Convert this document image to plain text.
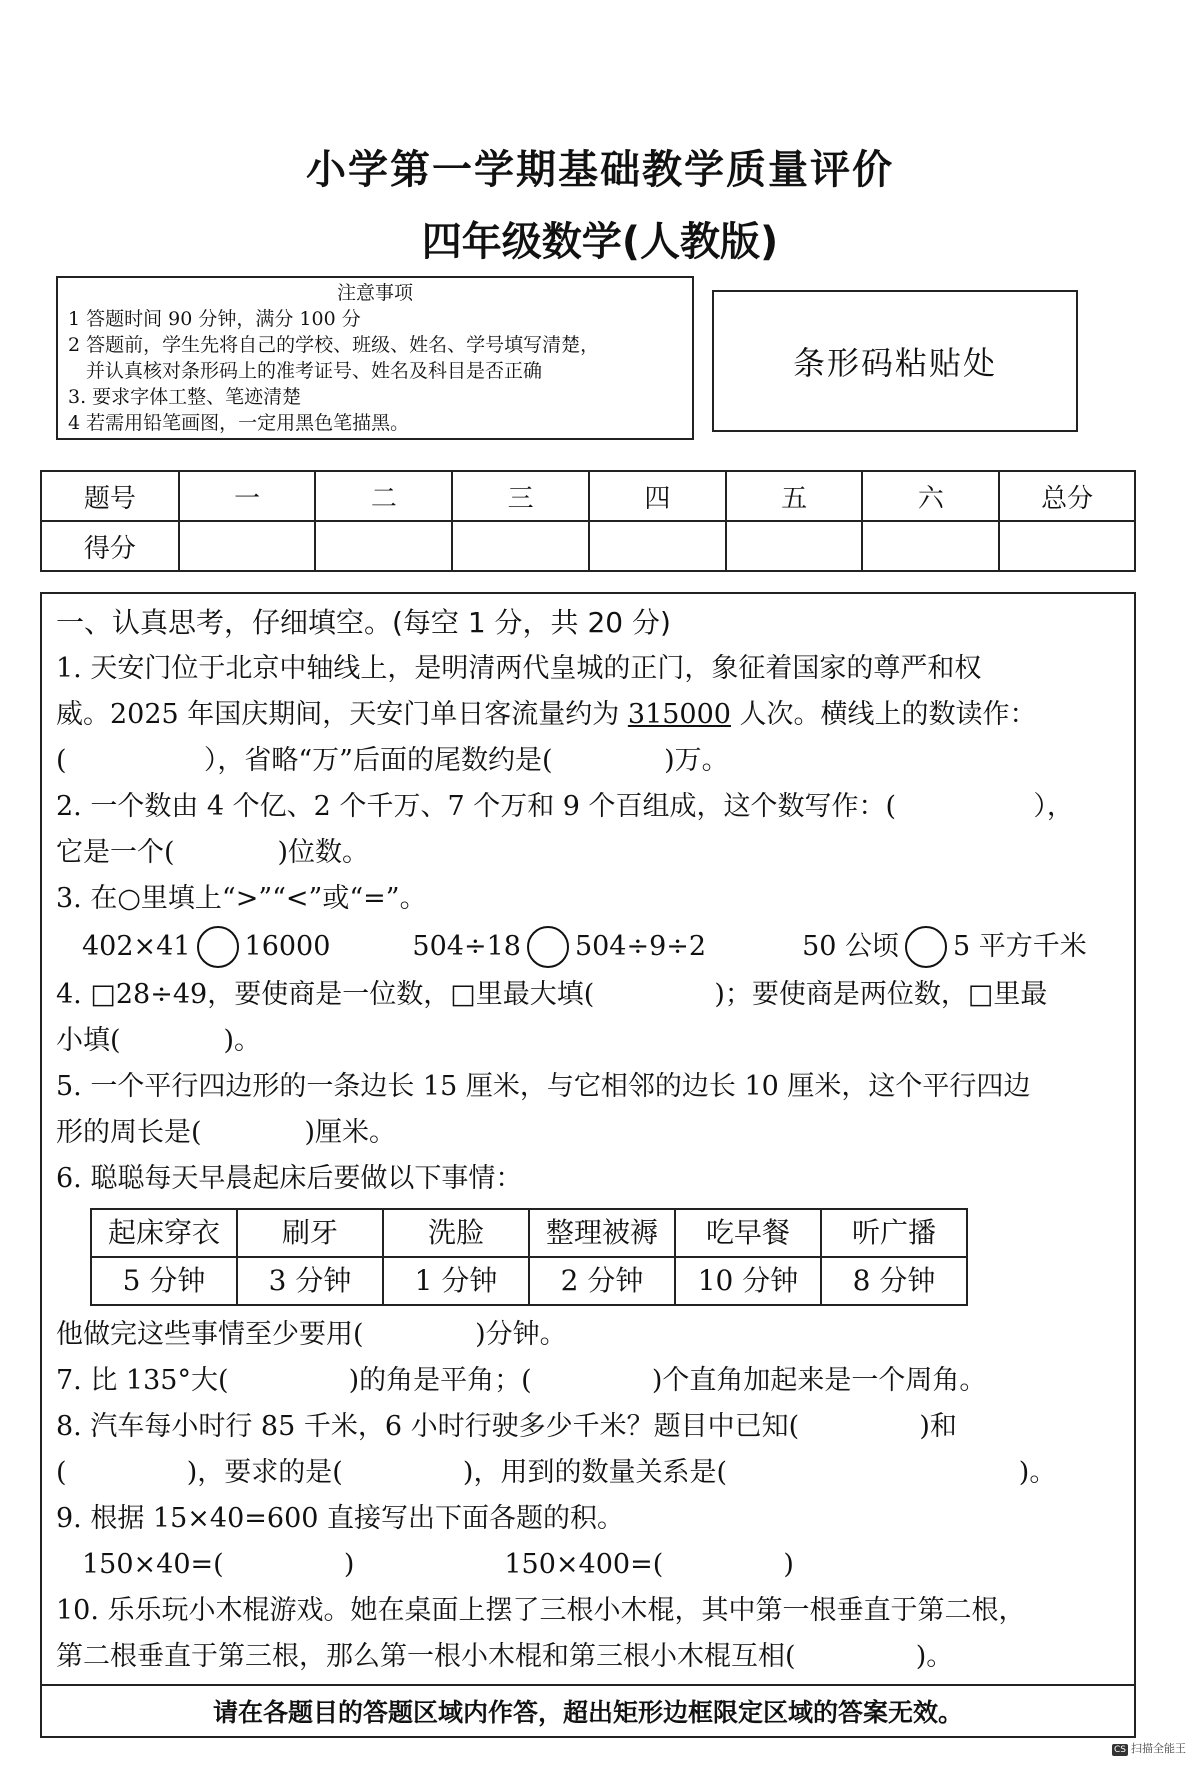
小学第一学期基础教学质量评价
四年级数学(人教版)
注意事项
1 答题时间 90 分钟，满分 100 分
2 答题前，学生先将自己的学校、班级、姓名、学号填写清楚，
并认真核对条形码上的准考证号、姓名及科目是否正确
3. 要求字体工整、笔迹清楚
4 若需用铅笔画图，一定用黑色笔描黑。
条形码粘贴处
题号	一	二	三	四	五	六	总分
得分							
一、认真思考，仔细填空。(每空 1 分，共 20 分)
1. 天安门位于北京中轴线上，是明清两代皇城的正门，象征着国家的尊严和权
威。2025 年国庆期间，天安门单日客流量约为 315000 人次。横线上的数读作：
(                ），省略“万”后面的尾数约是(             )万。
2. 一个数由 4 个亿、2 个千万、7 个万和 9 个百组成，这个数写作：(                ），
它是一个(            )位数。
3. 在○里填上“>”“<”或“=”。
402×41 16000	504÷18 504÷9÷2	50 公顷 5 平方千米
4. □28÷49，要使商是一位数，□里最大填(              )；要使商是两位数，□里最
小填(            )。
5. 一个平行四边形的一条边长 15 厘米，与它相邻的边长 10 厘米，这个平行四边
形的周长是(            )厘米。
6. 聪聪每天早晨起床后要做以下事情：
起床穿衣	刷牙	洗脸	整理被褥	吃早餐	听广播
5 分钟	3 分钟	1 分钟	2 分钟	10 分钟	8 分钟
他做完这些事情至少要用(             )分钟。
7. 比 135°大(              )的角是平角；(              )个直角加起来是一个周角。
8. 汽车每小时行 85 千米，6 小时行驶多少千米？题目中已知(              )和
(              )，要求的是(              )，用到的数量关系是(                                  )。
9. 根据 15×40=600 直接写出下面各题的积。
150×40=(              )	150×400=(              )
10. 乐乐玩小木棍游戏。她在桌面上摆了三根小木棍，其中第一根垂直于第二根，
第二根垂直于第三根，那么第一根小木棍和第三根小木棍互相(              )。
请在各题目的答题区域内作答，超出矩形边框限定区域的答案无效。
CS 扫描全能王
